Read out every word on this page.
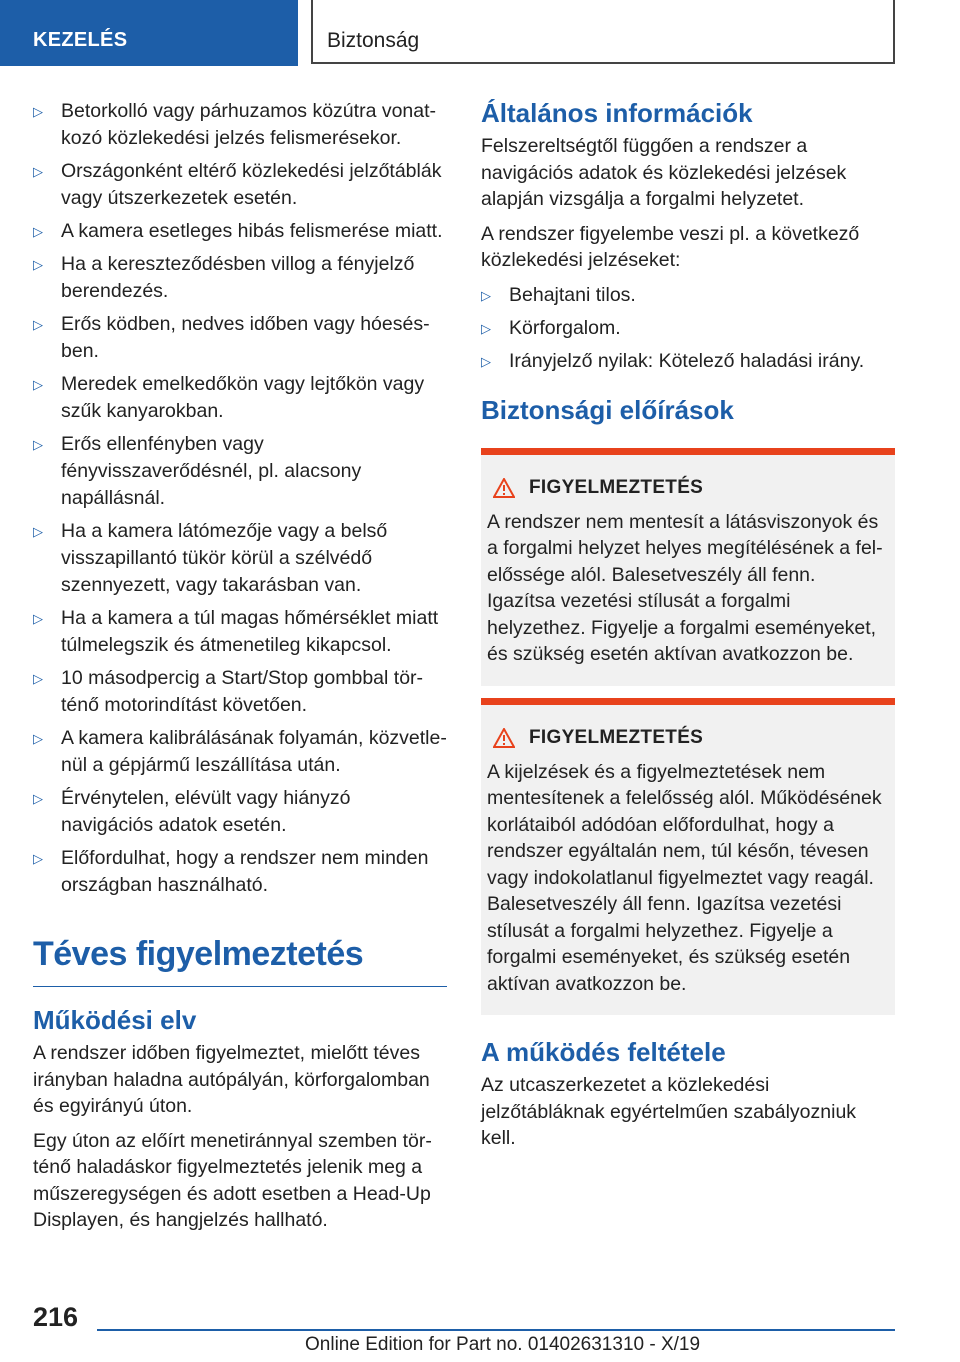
KEZELÉS	Biztonság
▷ Betorkolló vagy párhuzamos közútra vonatkozó közlekedési jelzés felismerésekor.
▷ Országonként eltérő közlekedési jelzőtáblák vagy útszerkezetek esetén.
▷ A kamera esetleges hibás felismerése miatt.
▷ Ha a kereszteződésben villog a fényjelző berendezés.
▷ Erős ködben, nedves időben vagy hóesésben.
▷ Meredek emelkedőkön vagy lejtőkön vagy szűk kanyarokban.
▷ Erős ellenfényben vagy fényvisszaverődésnél, pl. alacsony napállásnál.
▷ Ha a kamera látómezője vagy a belső visszapillantó tükör körül a szélvédő szennyezett, vagy takarásban van.
▷ Ha a kamera a túl magas hőmérséklet miatt túlmelegszik és átmenetileg kikapcsol.
▷ 10 másodpercig a Start/Stop gombbal történő motorindítást követően.
▷ A kamera kalibrálásának folyamán, közvetlenül a gépjármű leszállítása után.
▷ Érvénytelen, elévült vagy hiányzó navigációs adatok esetén.
▷ Előfordulhat, hogy a rendszer nem minden országban használható.
Téves figyelmeztetés
Működési elv

A rendszer időben figyelmeztet, mielőtt téves irányban haladna autópályán, körforgalomban és egyirányú úton.

Egy úton az előírt menetiránnyal szemben történő haladáskor figyelmeztetés jelenik meg a műszeregységen és adott esetben a Head-Up Displayen, és hangjelzés hallható.

Általános információk

Felszereltségtől függően a rendszer a navigációs adatok és közlekedési jelzések alapján vizsgálja a forgalmi helyzetet.

A rendszer figyelembe veszi pl. a következő közlekedési jelzéseket:

▷ Behajtani tilos.
▷ Körforgalom.
▷ Irányjelző nyilak: Kötelező haladási irány.
Biztonsági előírások
FIGYELMEZTETÉS

A rendszer nem mentesít a látásviszonyok és a forgalmi helyzet helyes megítélésének a felelőssége alól. Balesetveszély áll fenn. Igazítsa vezetési stílusát a forgalmi helyzethez. Figyelje a forgalmi eseményeket, és szükség esetén aktívan avatkozzon be.

FIGYELMEZTETÉS

A kijelzések és a figyelmeztetések nem mentesítenek a felelősség alól. Működésének korlátaiból adódóan előfordulhat, hogy a rendszer egyáltalán nem, túl későn, tévesen vagy indokolatlanul figyelmeztet vagy reagál. Balesetveszély áll fenn. Igazítsa vezetési stílusát a forgalmi helyzethez. Figyelje a forgalmi eseményeket, és szükség esetén aktívan avatkozzon be.

A működés feltétele

Az utcaszerkezetet a közlekedési jelzőtábláknak egyértelműen szabályozniuk kell.

216
Online Edition for Part no. 01402631310 - X/19
